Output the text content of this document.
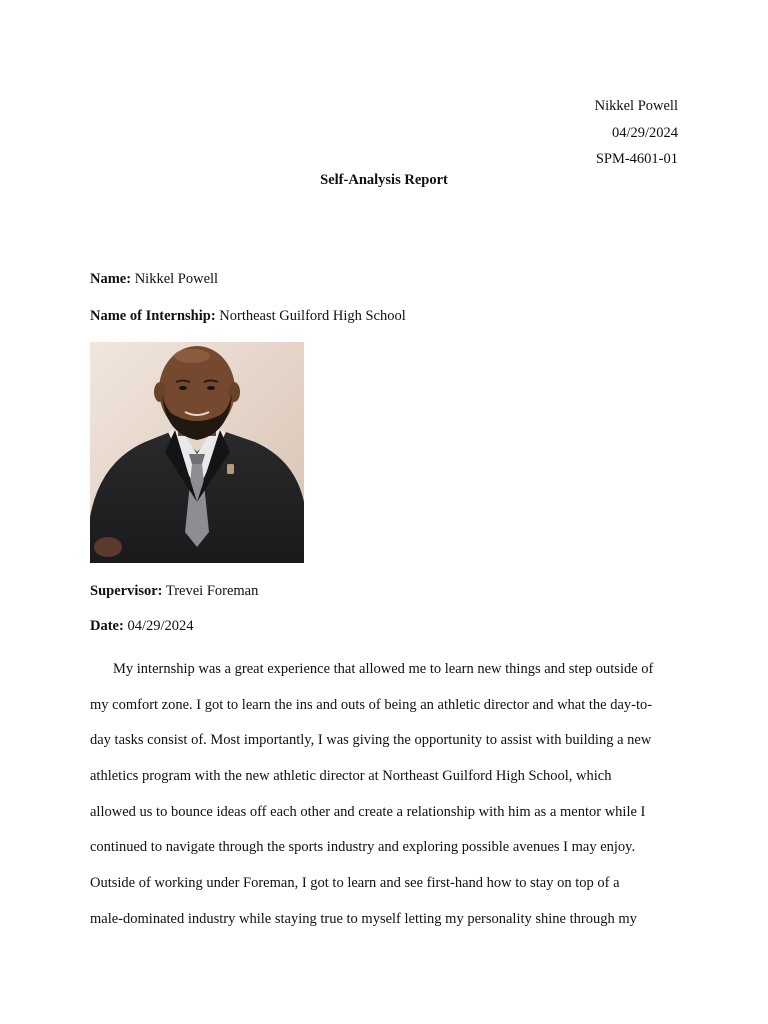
Nikkel Powell
04/29/2024
SPM-4601-01
Self-Analysis Report
Name: Nikkel Powell
Name of Internship: Northeast Guilford High School
Supervisor: Trevei Foreman
Date: 04/29/2024
My internship was a great experience that allowed me to learn new things and step outside of
my comfort zone. I got to learn the ins and outs of being an athletic director and what the day-to-
day tasks consist of. Most importantly, I was giving the opportunity to assist with building a new
athletics program with the new athletic director at Northeast Guilford High School, which
allowed us to bounce ideas off each other and create a relationship with him as a mentor while I
continued to navigate through the sports industry and exploring possible avenues I may enjoy.
Outside of working under Foreman, I got to learn and see first-hand how to stay on top of a
male-dominated industry while staying true to myself letting my personality shine through my
